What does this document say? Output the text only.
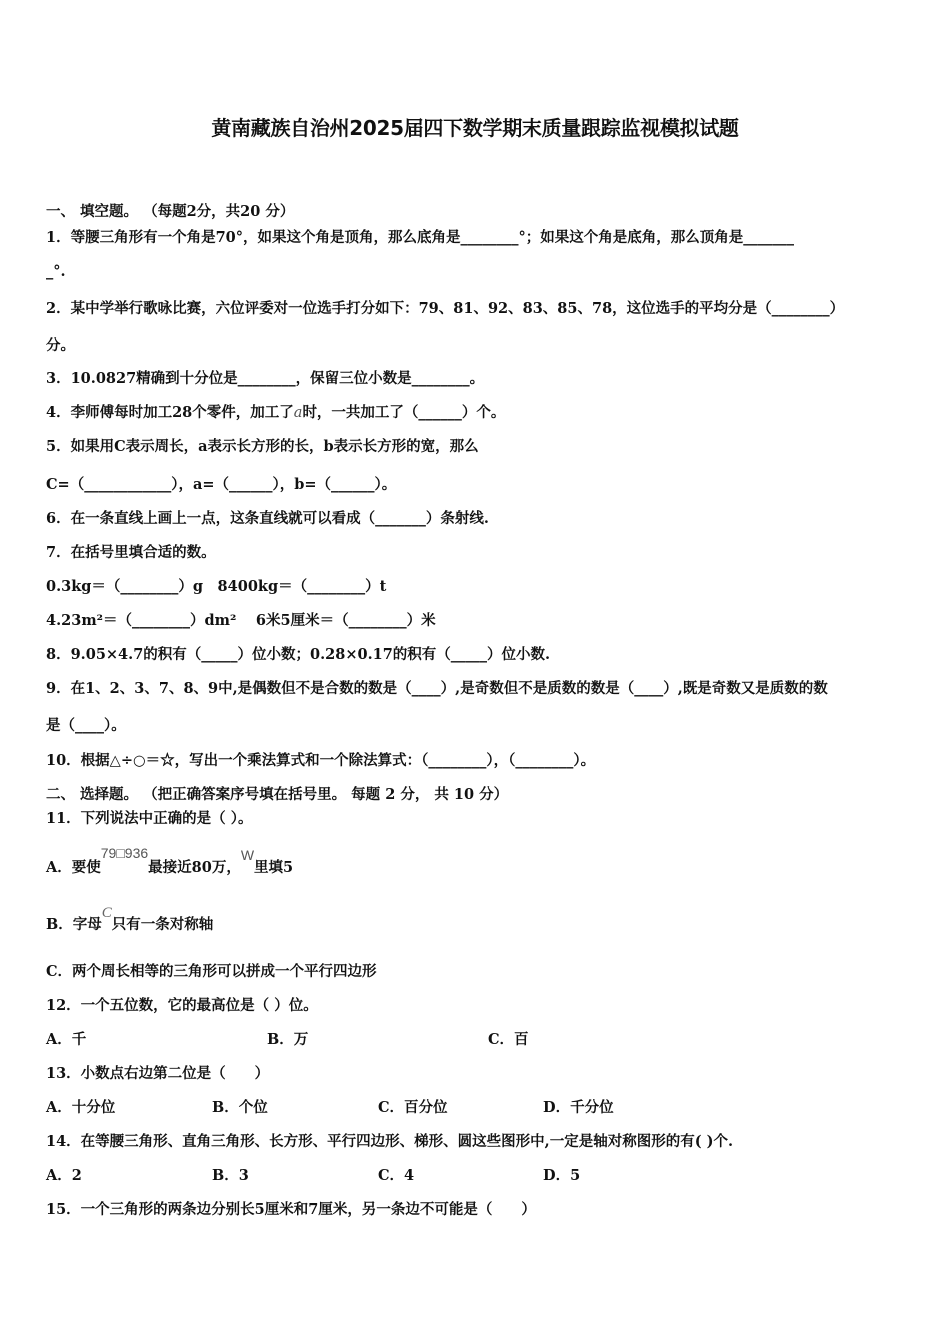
黄南藏族自治州2025届四下数学期末质量跟踪监视模拟试题
一、 填空题。 （每题2分，共20 分）
1．等腰三角形有一个角是70°，如果这个角是顶角，那么底角是________°；如果这个角是底角，那么顶角是_______
_°.
2．某中学举行歌咏比赛，六位评委对一位选手打分如下：79、81、92、83、85、78，这位选手的平均分是（________）
分。
3．10.0827精确到十分位是________，保留三位小数是________。
4．李师傅每时加工28个零件，加工了a时，一共加工了（______）个。
5．如果用C表示周长，a表示长方形的长，b表示长方形的宽，那么
C=（____________），a=（______），b=（______）。
6．在一条直线上画上一点，这条直线就可以看成（_______）条射线.
7．在括号里填合适的数。
0.3kg＝（________）g　8400kg＝（________）t
4.23m²＝（________）dm²　 6米5厘米＝（________）米
8．9.05×4.7的积有（_____）位小数；0.28×0.17的积有（_____）位小数.
9．在1、2、3、7、8、9中,是偶数但不是合数的数是（____）,是奇数但不是质数的数是（____）,既是奇数又是质数的数
是（____）。
10．根据△÷○＝☆，写出一个乘法算式和一个除法算式：（________），（________）。
二、 选择题。 （把正确答案序号填在括号里。 每题 2 分， 共 10 分）
11．下列说法中正确的是（ ）。
A．要使79□936最接近80万，W里填5
B．字母C只有一条对称轴
C．两个周长相等的三角形可以拼成一个平行四边形
12．一个五位数，它的最高位是（ ）位。
A．千	B．万	C．百
13．小数点右边第二位是（　　）
A．十分位	B．个位	C．百分位	D．千分位
14．在等腰三角形、直角三角形、长方形、平行四边形、梯形、圆这些图形中,一定是轴对称图形的有( )个.
A．2	B．3	C．4	D．5
15．一个三角形的两条边分别长5厘米和7厘米，另一条边不可能是（　　）
